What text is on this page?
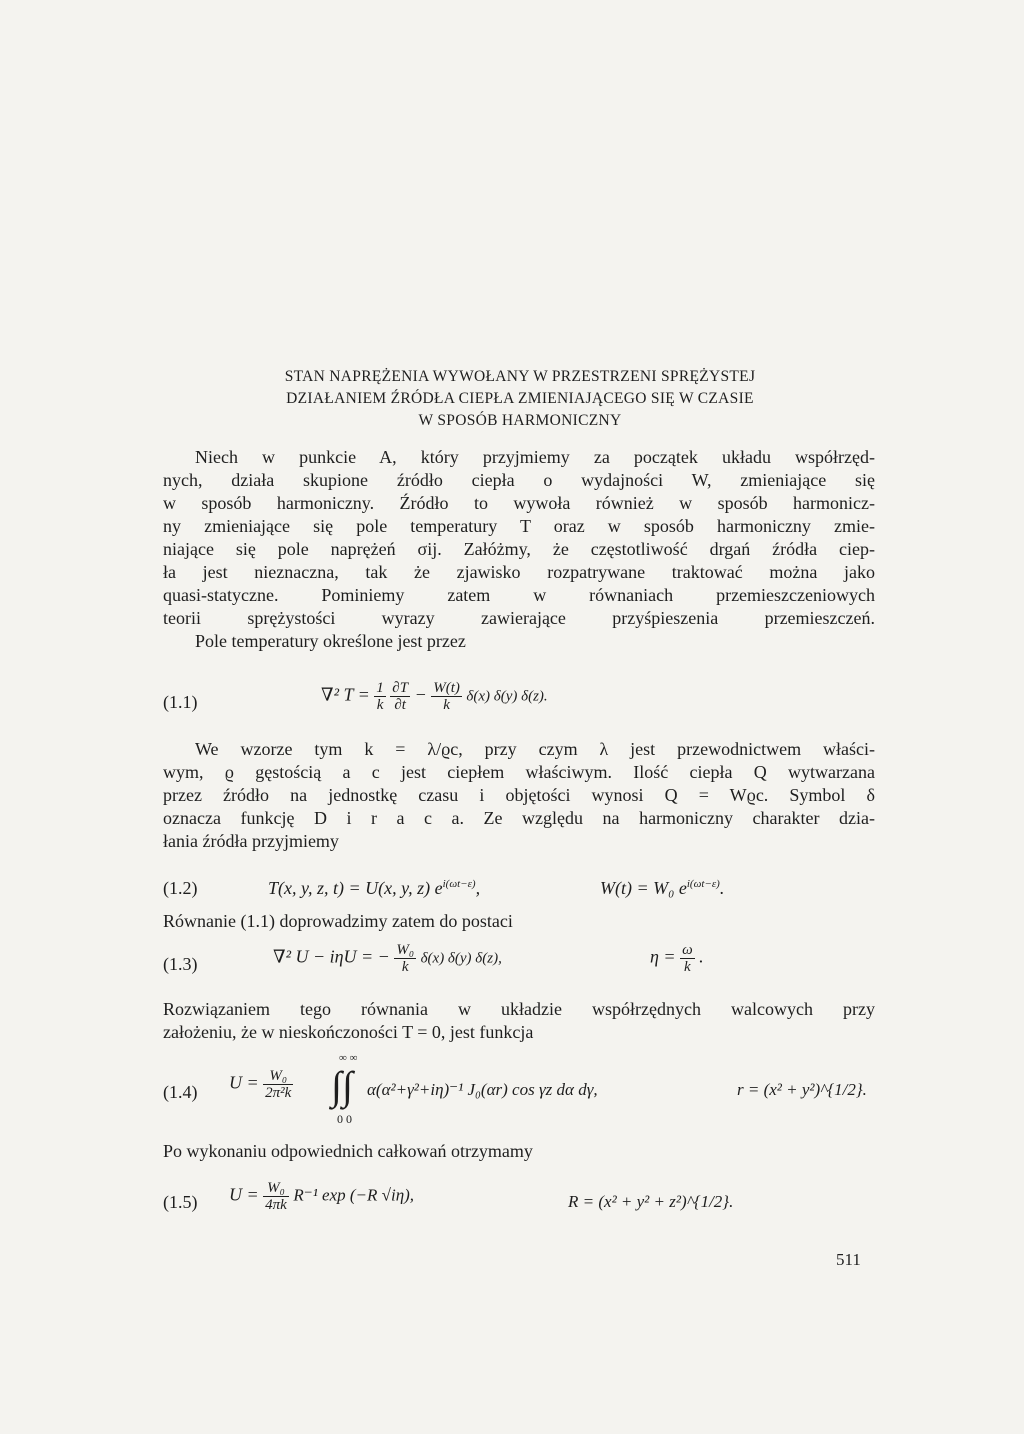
STAN NAPRĘŻENIA WYWOŁANY W PRZESTRZENI SPRĘŻYSTEJ
DZIAŁANIEM ŹRÓDŁA CIEPŁA ZMIENIAJĄCEGO SIĘ W CZASIE
W SPOSÓB HARMONICZNY
Niech w punkcie A, który przyjmiemy za początek układu współrzęd-
nych, działa skupione źródło ciepła o wydajności W, zmieniające się
w sposób harmoniczny. Źródło to wywoła również w sposób harmonicz-
ny zmieniające się pole temperatury T oraz w sposób harmoniczny zmie-
niające się pole naprężeń σij. Załóżmy, że częstotliwość drgań źródła ciep-
ła jest nieznaczna, tak że zjawisko rozpatrywane traktować można jako
quasi-statyczne. Pominiemy zatem w równaniach przemieszczeniowych
teorii sprężystości wyrazy zawierające przyśpieszenia przemieszczeń.
Pole temperatury określone jest przez
(1.1)	∇² $T = \frac{1}{k}$
$\frac{\partial T}{\partial t} - \frac{W(t)}{k} \delta(x)$ δ(y) δ(z).
We wzorze tym k = λ/ϱc, przy czym λ jest przewodnictwem właści-
wym, ϱ gęstością a c jest ciepłem właściwym. Ilość ciepła Q wytwarzana
przez źródło na jednostkę czasu i objętości wynosi Q = Wϱc. Symbol δ
oznacza funkcję D i r a c a. Ze względu na harmoniczny charakter dzia-
łania źródła przyjmiemy
(1.2)	T(x, y, z, t) = U(x, y, z) $e^{i(\omega t-\varepsilon)}$,	W(t) = W₀ $e^{i(\omega t-\varepsilon)}$.
Równanie (1.1) doprowadzimy zatem do postaci
(1.3)	∇² U − iηU = − $\frac{\text{W₀}}{k} \delta(x)$ δ(y) δ(z),	$\eta = \frac{\omega}{k}$ .
Rozwiązaniem tego równania w układzie współrzędnych walcowych przy
założeniu, że w nieskończoności T = 0, jest funkcja
(1.4) $U = \frac{\text{W₀}}{\text{2π²k}}$
∞ ∞
∫∫
0 0
α(α²+γ²+iη)⁻¹ J₀(αr) cos γz dα dγ,	r = (x² + y²)^{1/2}.
Po wykonaniu odpowiednich całkowań otrzymamy
(1.5) $U = \frac{\text{W₀}}{4\pi k} R^{-1}$ exp (−R √iη),	R = (x² + y² + z²)^{1/2}.
511
